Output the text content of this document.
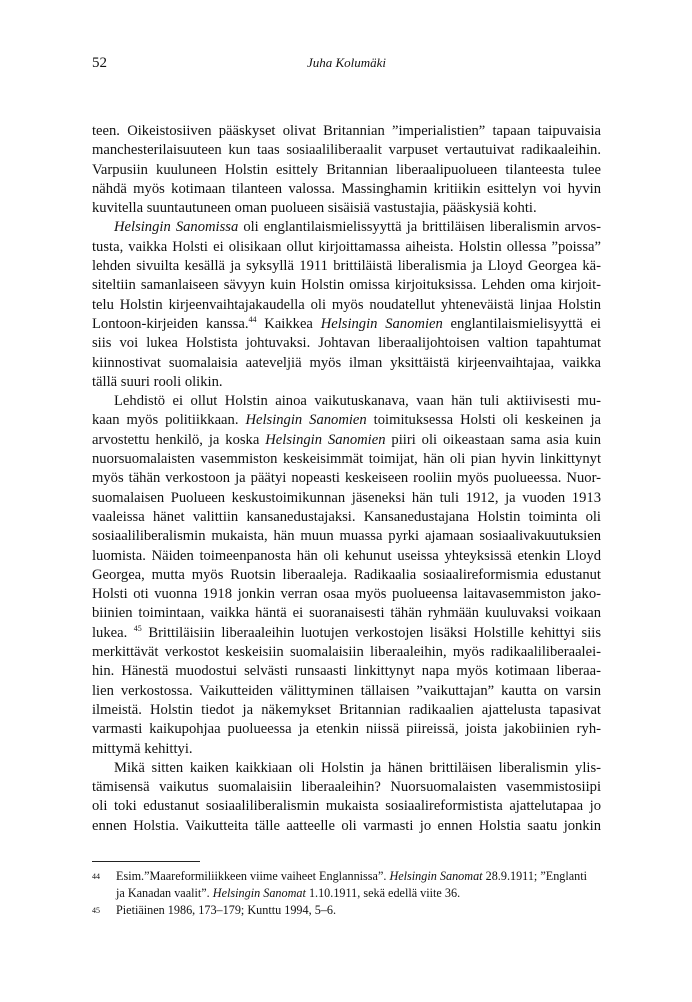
52	Juha Kolumäki
teen. Oikeistosiiven pääskyset olivat Britannian ”imperialistien” tapaan taipuvaisia
manchesterilaisuuteen kun taas sosiaaliliberaalit varpuset vertautuivat radikaaleihin.
Varpusiin kuuluneen Holstin esittely Britannian liberaalipuolueen tilanteesta tulee
nähdä myös kotimaan tilanteen valossa. Massinghamin kritiikin esittelyn voi hyvin
kuvitella suuntautuneen oman puolueen sisäisiä vastustajia, pääskysiä kohti.
Helsingin Sanomissa oli englantilaismielissyyttä ja brittiläisen liberalismin arvos-
tusta, vaikka Holsti ei olisikaan ollut kirjoittamassa aiheista. Holstin ollessa ”poissa”
lehden sivuilta kesällä ja syksyllä 1911 brittiläistä liberalismia ja Lloyd Georgea kä-
siteltiin samanlaiseen sävyyn kuin Holstin omissa kirjoituksissa. Lehden oma kirjoit-
telu Holstin kirjeenvaihtajakaudella oli myös noudatellut yhteneväistä linjaa Holstin
Lontoon-kirjeiden kanssa.$^{44}$ Kaikkea Helsingin Sanomien englantilaismielisyyttä ei
siis voi lukea Holstista johtuvaksi. Johtavan liberaalijohtoisen valtion tapahtumat
kiinnostivat suomalaisia aateveljiä myös ilman yksittäistä kirjeenvaihtajaa, vaikka
tällä suuri rooli olikin.
Lehdistö ei ollut Holstin ainoa vaikutuskanava, vaan hän tuli aktiivisesti mu-
kaan myös politiikkaan. Helsingin Sanomien toimituksessa Holsti oli keskeinen ja
arvostettu henkilö, ja koska Helsingin Sanomien piiri oli oikeastaan sama asia kuin
nuorsuomalaisten vasemmiston keskeisimmät toimijat, hän oli pian hyvin linkittynyt
myös tähän verkostoon ja päätyi nopeasti keskeiseen rooliin myös puolueessa. Nuor-
suomalaisen Puolueen keskustoimikunnan jäseneksi hän tuli 1912, ja vuoden 1913
vaaleissa hänet valittiin kansanedustajaksi. Kansanedustajana Holstin toiminta oli
sosiaaliliberalismin mukaista, hän muun muassa pyrki ajamaan sosiaalivakuutuksien
luomista. Näiden toimeenpanosta hän oli kehunut useissa yhteyksissä etenkin Lloyd
Georgea, mutta myös Ruotsin liberaaleja. Radikaalia sosiaalireformismia edustanut
Holsti oti vuonna 1918 jonkin verran osaa myös puolueensa laitavasemmiston jako-
biinien toimintaan, vaikka häntä ei suoranaisesti tähän ryhmään kuuluvaksi voikaan
lukea. $^{45}$ Brittiläisiin liberaaleihin luotujen verkostojen lisäksi Holstille kehittyi siis
merkittävät verkostot keskeisiin suomalaisiin liberaaleihin, myös radikaaliliberaalei-
hin. Hänestä muodostui selvästi runsaasti linkittynyt napa myös kotimaan liberaa-
lien verkostossa. Vaikutteiden välittyminen tällaisen ”vaikuttajan” kautta on varsin
ilmeistä. Holstin tiedot ja näkemykset Britannian radikaalien ajattelusta tapasivat
varmasti kaikupohjaa puolueessa ja etenkin niissä piireissä, joista jakobiinien ryh-
mittymä kehittyi.
Mikä sitten kaiken kaikkiaan oli Holstin ja hänen brittiläisen liberalismin ylis-
tämisensä vaikutus suomalaisiin liberaaleihin? Nuorsuomalaisten vasemmistosiipi
oli toki edustanut sosiaaliliberalismin mukaista sosiaalireformistista ajattelutapaa jo
ennen Holstia. Vaikutteita tälle aatteelle oli varmasti jo ennen Holstia saatu jonkin
44 Esim.”Maareformiliikkeen viime vaiheet Englannissa”. Helsingin Sanomat 28.9.1911; ”Englanti
ja Kanadan vaalit”. Helsingin Sanomat 1.10.1911, sekä edellä viite 36.
45 Pietiäinen 1986, 173–179; Kunttu 1994, 5–6.
